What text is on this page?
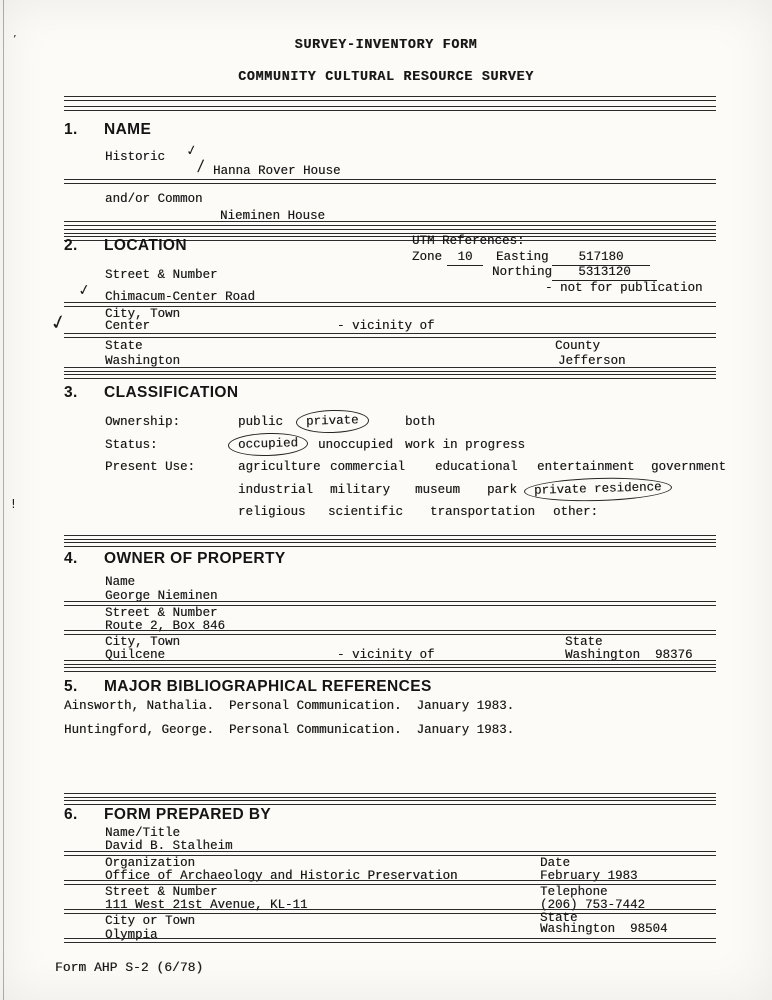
’
!
SURVEY-INVENTORY FORM
COMMUNITY CULTURAL RESOURCE SURVEY
1. NAME
Historic ✓
/ Hanna Rover House
and/or Common
Nieminen House
2. LOCATION	UTM References:
Zone	10	Easting	517180
Northing	5313120
Street & Number
- not for publication
✓ Chimacum-Center Road
City, Town
✓	Center	- vicinity of
State	County
Washington	Jefferson
3. CLASSIFICATION
Ownership:	public	private	both
Status:	occupied	unoccupied work in progress
Present Use:	agriculture commercial educational entertainment government
industrial military museum park	private residence
religious scientific transportation other:
4. OWNER OF PROPERTY
Name
George Nieminen
Street & Number
Route 2, Box 846
City, Town	State
Quilcene	- vicinity of	Washington  98376
5. MAJOR BIBLIOGRAPHICAL REFERENCES
Ainsworth, Nathalia.  Personal Communication.  January 1983.
Huntingford, George.  Personal Communication.  January 1983.
6. FORM PREPARED BY
Name/Title
David B. Stalheim
Organization	Date
Office of Archaeology and Historic Preservation	February 1983
Street & Number	Telephone
111 West 21st Avenue, KL-11	(206) 753-7442
City or Town	State
Olympia	Washington  98504
Form AHP S-2 (6/78)
